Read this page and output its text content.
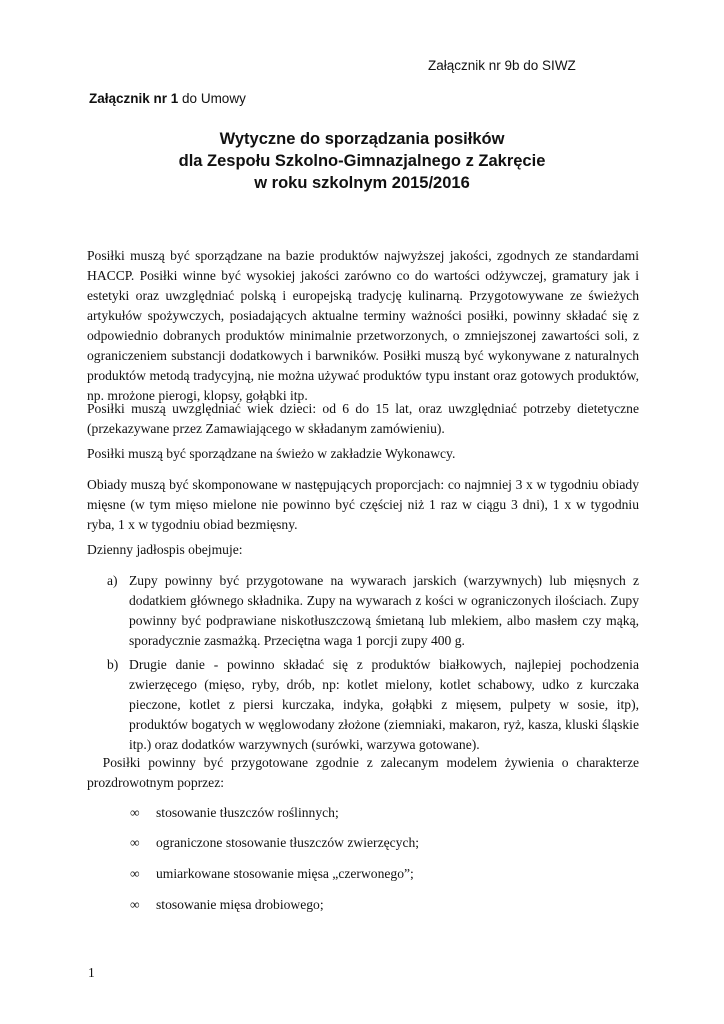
Załącznik nr 9b do SIWZ
Załącznik nr 1 do Umowy
Wytyczne do sporządzania posiłków
dla Zespołu Szkolno-Gimnazjalnego z Zakręcie
w roku szkolnym 2015/2016
Posiłki muszą być sporządzane na bazie produktów najwyższej jakości, zgodnych ze standardami HACCP. Posiłki winne być wysokiej jakości zarówno co do wartości odżywczej, gramatury jak i estetyki oraz uwzględniać polską i europejską tradycję kulinarną. Przygotowywane ze świeżych artykułów spożywczych, posiadających aktualne terminy ważności posiłki, powinny składać się z odpowiednio dobranych produktów minimalnie przetworzonych, o zmniejszonej zawartości soli, z ograniczeniem substancji dodatkowych i barwników. Posiłki muszą być wykonywane z naturalnych produktów metodą tradycyjną, nie można używać produktów typu instant oraz gotowych produktów, np. mrożone pierogi, klopsy, gołąbki itp.
Posiłki muszą uwzględniać wiek dzieci: od 6 do 15 lat, oraz uwzględniać potrzeby dietetyczne (przekazywane przez Zamawiającego w składanym zamówieniu).
Posiłki muszą być sporządzane na świeżo w zakładzie Wykonawcy.
Obiady muszą być skomponowane w następujących proporcjach: co najmniej 3 x w tygodniu obiady mięsne (w tym mięso mielone nie powinno być częściej niż 1 raz w ciągu 3 dni), 1 x w tygodniu ryba, 1 x w tygodniu obiad bezmięsny.
Dzienny jadłospis obejmuje:
a) Zupy powinny być przygotowane na wywarach jarskich (warzywnych) lub mięsnych z dodatkiem głównego składnika. Zupy na wywarach z kości w ograniczonych ilościach. Zupy powinny być podprawiane niskotłuszczową śmietaną lub mlekiem, albo masłem czy mąką, sporadycznie zasmażką. Przeciętna waga 1 porcji zupy 400 g.
b) Drugie danie - powinno składać się z produktów białkowych, najlepiej pochodzenia zwierzęcego (mięso, ryby, drób, np: kotlet mielony, kotlet schabowy, udko z kurczaka pieczone, kotlet z piersi kurczaka, indyka, gołąbki z mięsem, pulpety w sosie, itp), produktów bogatych w węglowodany złożone (ziemniaki, makaron, ryż, kasza, kluski śląskie itp.) oraz dodatków warzywnych (surówki, warzywa gotowane).
Posiłki powinny być przygotowane zgodnie z zalecanym modelem żywienia o charakterze prozdrowotnym poprzez:
∞	stosowanie tłuszczów roślinnych;
∞	ograniczone stosowanie tłuszczów zwierzęcych;
∞	umiarkowane stosowanie mięsa „czerwonego”;
∞	stosowanie mięsa drobiowego;
1
